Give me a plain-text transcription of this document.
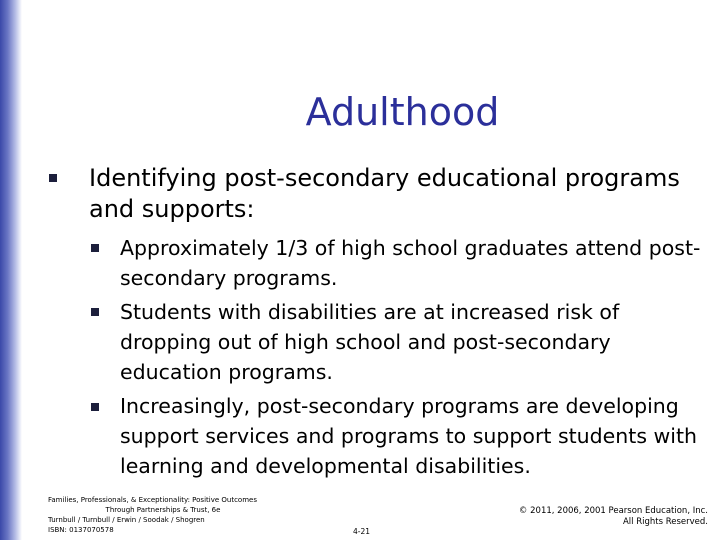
Adulthood
Identifying post-secondary educational programs and supports:
Approximately 1/3 of high school graduates attend post-secondary programs.
Students with disabilities are at increased risk of dropping out of high school and post-secondary education programs.
Increasingly, post-secondary programs are developing support services and programs to support students with learning and developmental disabilities.
Families, Professionals, & Exceptionality: Positive Outcomes

Through Partnerships & Trust, 6e
Turnbull / Turnbull / Erwin / Soodak / Shogren
ISBN: 0137070578	4-21
© 2011, 2006, 2001 Pearson Education, Inc.
All Rights Reserved.
